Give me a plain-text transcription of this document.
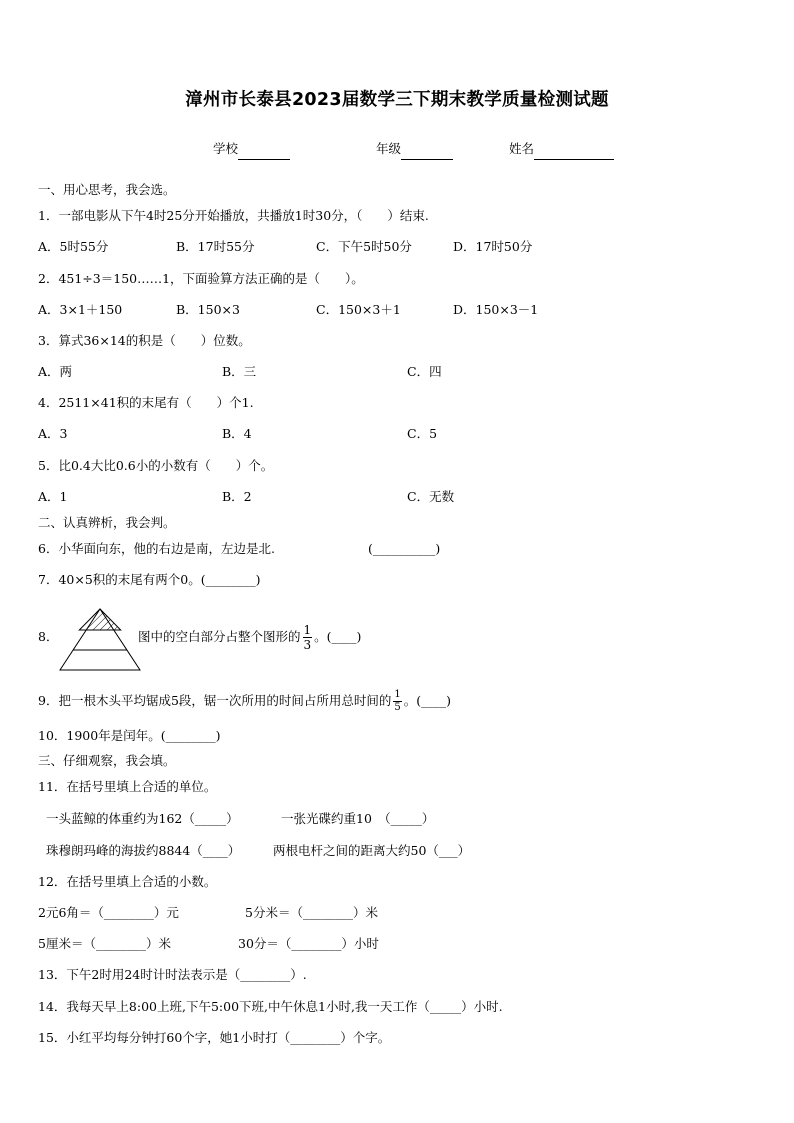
漳州市长泰县2023届数学三下期末教学质量检测试题
学校	年级	姓名
一、用心思考，我会选。
1．一部电影从下午4时25分开始播放，共播放1时30分，（　　）结束.
A．5时55分	B．17时55分	C．下午5时50分	D．17时50分
2．451÷3＝150……1，下面验算方法正确的是（　　）。
A．3×1＋150	B．150×3	C．150×3＋1	D．150×3－1
3．算式36×14的积是（　　）位数。
A．两	B．三	C．四
4．2511×41积的末尾有（　　）个1.
A．3	B．4	C．5
5．比0.4大比0.6小的小数有（　　）个。
A．1	B．2	C．无数
二、认真辨析，我会判。
6．小华面向东，他的右边是南，左边是北.	(__________)
7．40×5积的末尾有两个0。(________)
8．	图中的空白部分占整个图形的 $\frac{1}{3}$ 。(____)
9．把一根木头平均锯成5段，锯一次所用的时间占所用总时间的 $\frac{1}{5}$ 。(____)
10．1900年是闰年。(________)
三、仔细观察，我会填。
11．在括号里填上合适的单位。
一头蓝鲸的体重约为162（_____）	一张光碟约重10　（_____）
珠穆朗玛峰的海拔约8844（____）	两根电杆之间的距离大约50（___）
12．在括号里填上合适的小数。
2元6角＝（________）元	5分米＝（________）米
5厘米＝（________）米	30分＝（________）小时
13．下午2时用24时计时法表示是（________）.
14．我每天早上8:00上班,下午5:00下班,中午休息1小时,我一天工作（_____）小时.
15．小红平均每分钟打60个字，她1小时打（________）个字。
